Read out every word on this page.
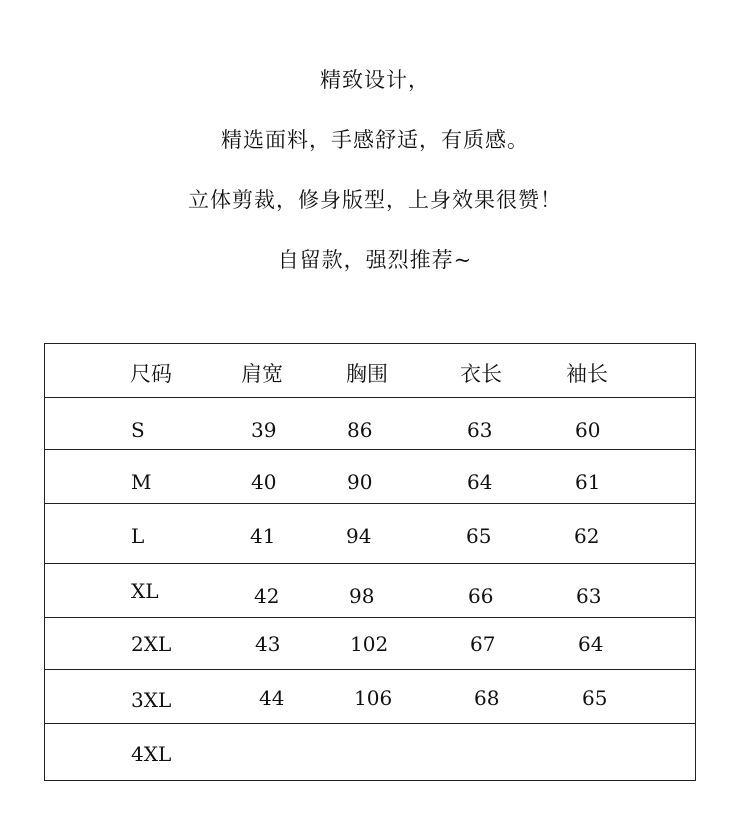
精致设计，
精选面料，手感舒适，有质感。
立体剪裁，修身版型，上身效果很赞！
自留款，强烈推荐~
尺码	肩宽	胸围	衣长	袖长
S	39	86	63	60
M	40	90	64	61
L	41	94	65	62
XL	42	98	66	63
2XL	43	102	67	64
3XL	44	106	68	65
4XL
